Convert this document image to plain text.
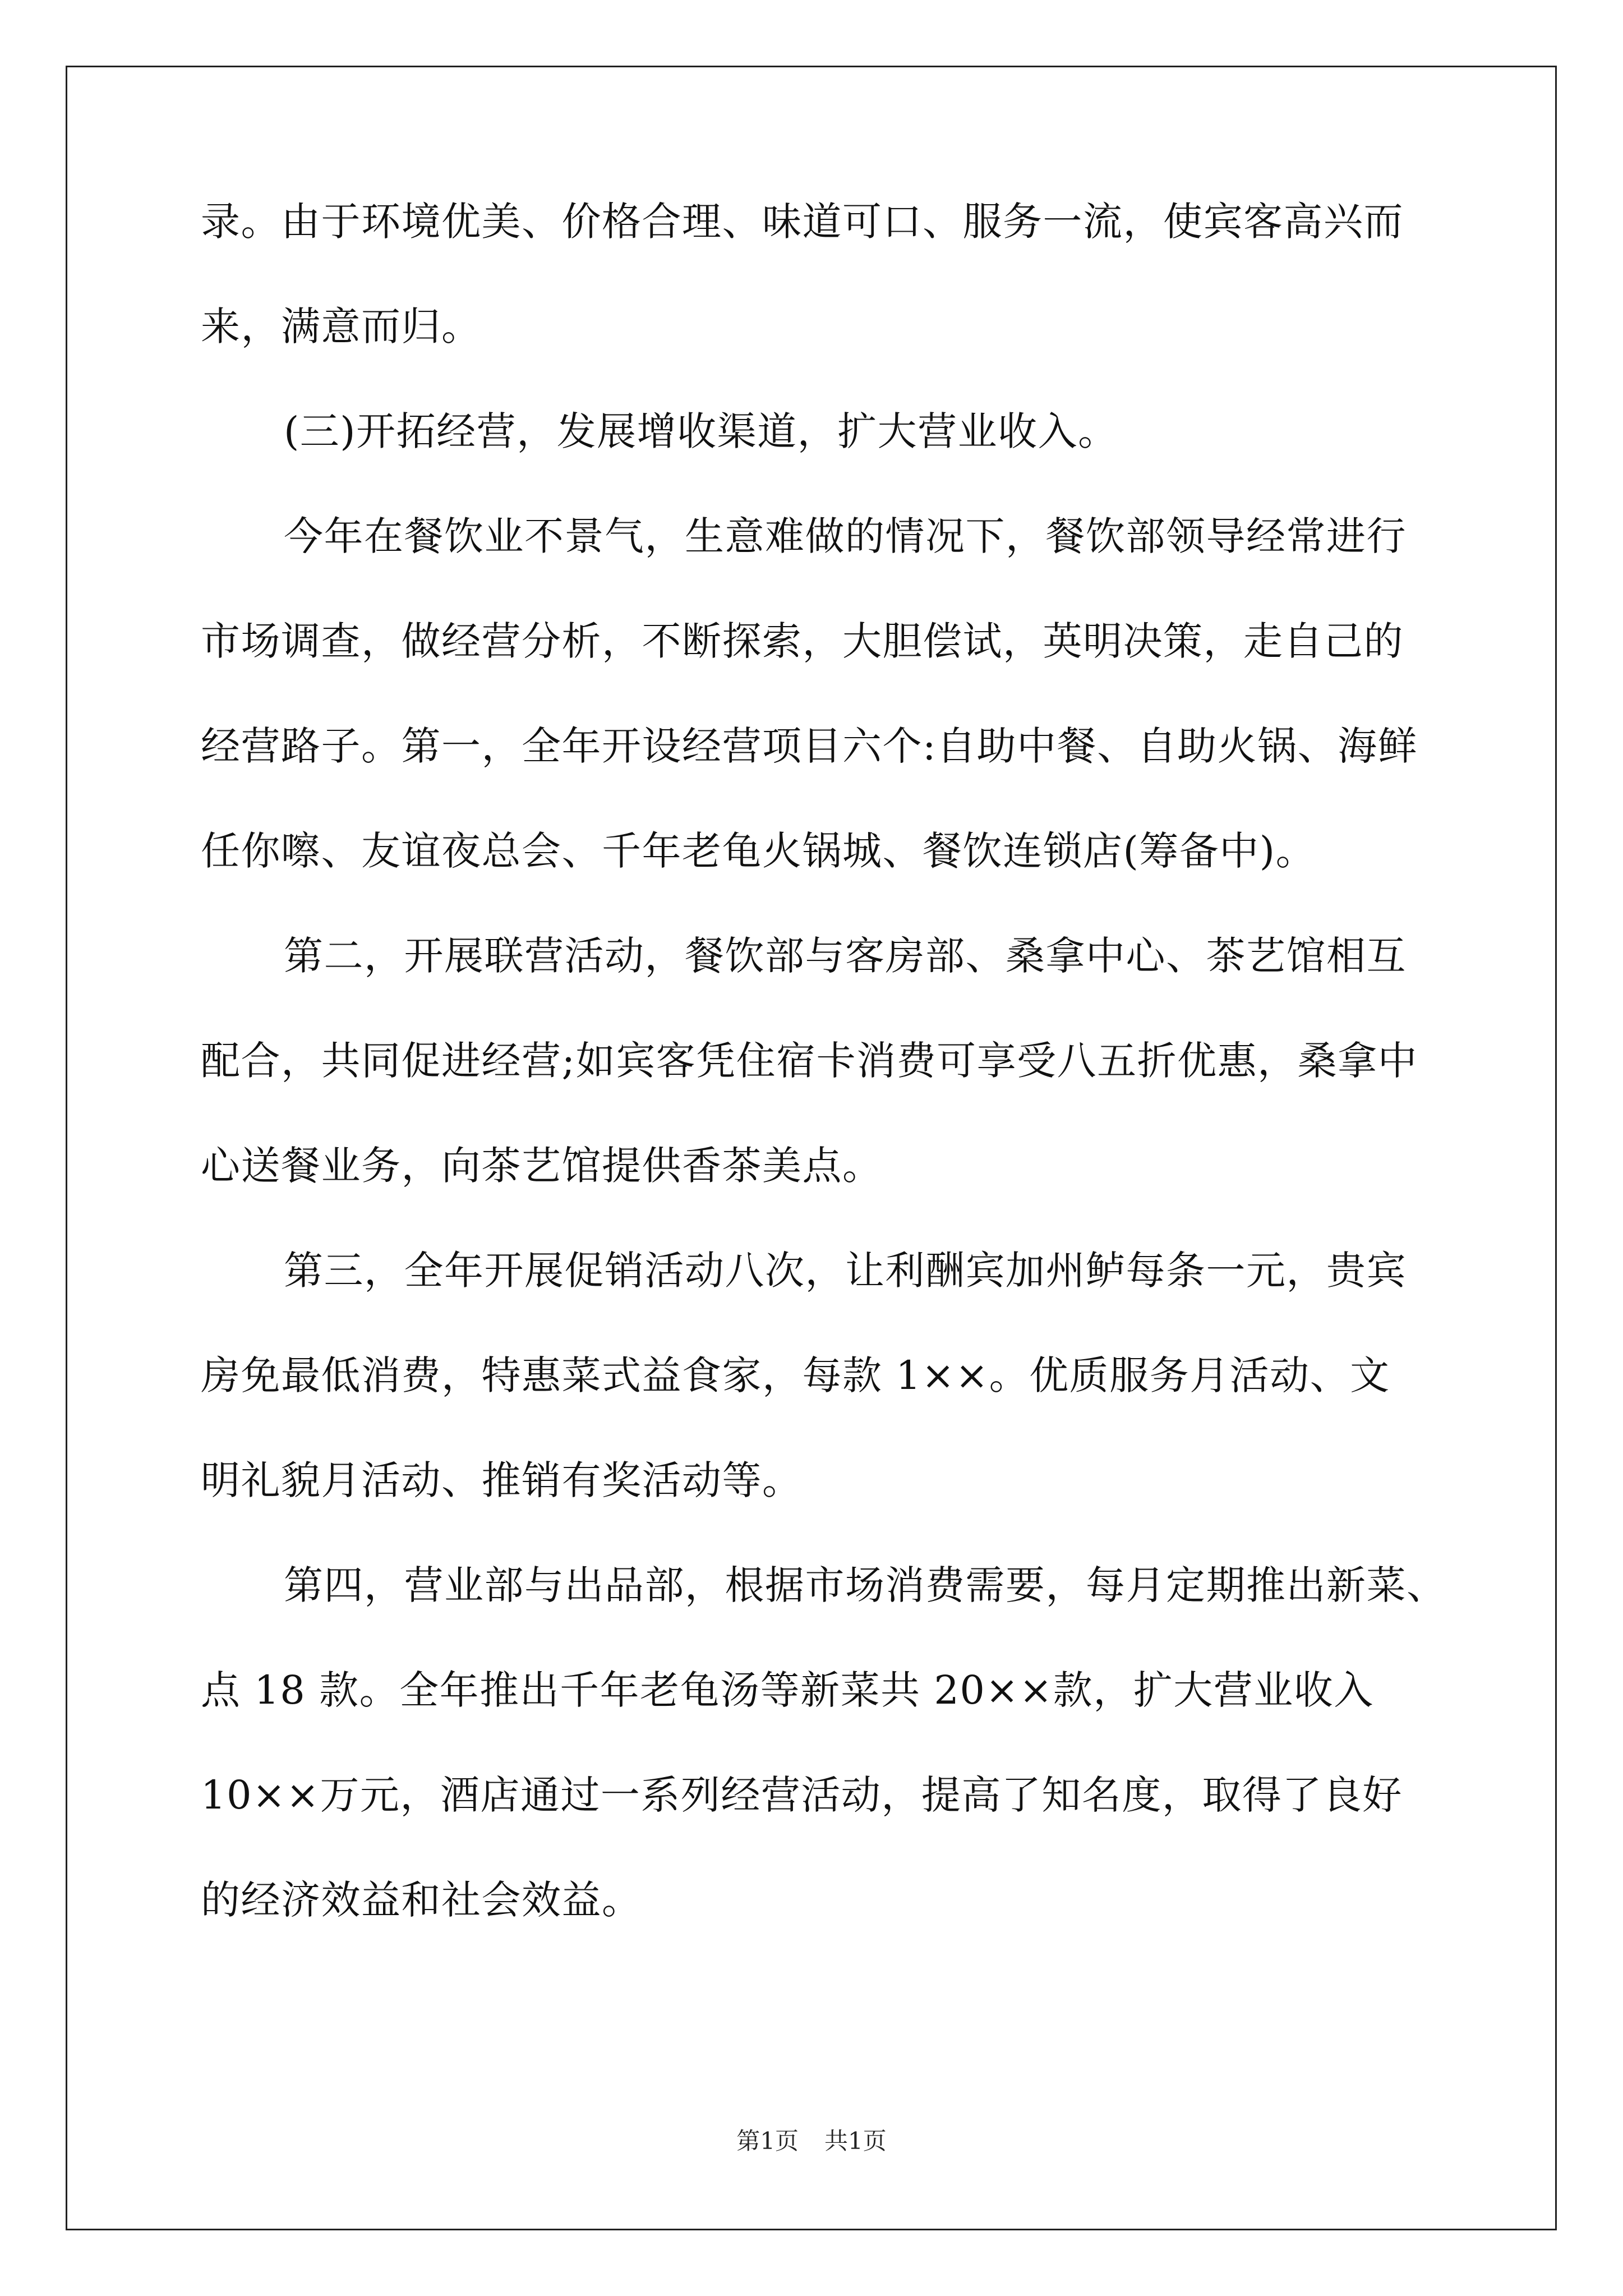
录。由于环境优美、价格合理、味道可口、服务一流，使宾客高兴而
来，满意而归。
(三)开拓经营，发展增收渠道，扩大营业收入。
今年在餐饮业不景气，生意难做的情况下，餐饮部领导经常进行
市场调查，做经营分析，不断探索，大胆偿试，英明决策，走自己的
经营路子。第一，全年开设经营项目六个:自助中餐、自助火锅、海鲜
任你嚓、友谊夜总会、千年老龟火锅城、餐饮连锁店(筹备中)。
第二，开展联营活动，餐饮部与客房部、桑拿中心、茶艺馆相互
配合，共同促进经营;如宾客凭住宿卡消费可享受八五折优惠，桑拿中
心送餐业务，向茶艺馆提供香茶美点。
第三，全年开展促销活动八次，让利酬宾加州鲈每条一元，贵宾
房免最低消费，特惠菜式益食家，每款 1××。优质服务月活动、文
明礼貌月活动、推销有奖活动等。
第四，营业部与出品部，根据市场消费需要，每月定期推出新菜、
点 18 款。全年推出千年老龟汤等新菜共 20××款，扩大营业收入
10××万元，酒店通过一系列经营活动，提高了知名度，取得了良好
的经济效益和社会效益。
第1页 共1页
